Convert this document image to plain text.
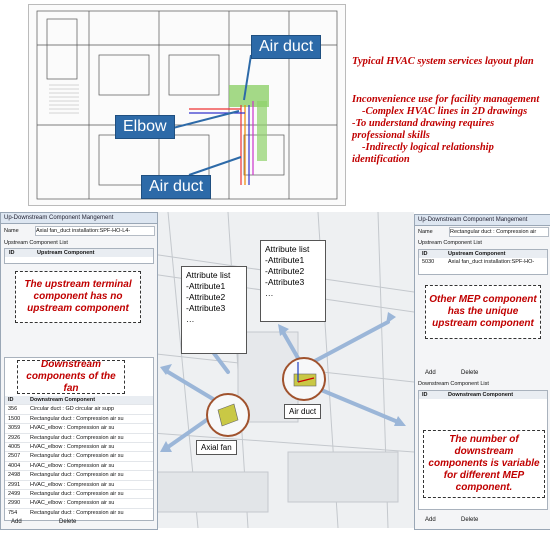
Air duct
Elbow
Air duct
Typical HVAC system services layout plan
Inconvenience use for facility management
-Complex HVAC lines in 2D drawings
-To understand drawing requires
professional skills
-Indirectly logical relationship
identification
Attribute list
-Attribute1
-Attribute2
-Attribute3
…
Attribute list
-Attribute1
-Attribute2
-Attribute3
…
Axial fan
Air duct
Up-Downstream Component Mangement
Name	Axial fan_duct installation:SPF-HO-L4-
Upstream Component List
ID	Upstream Component
The upstream terminal component has no upstream component
Downstream components of the fan
ID	Downstream Component
356	Circular duct : GD circular air supp
1500	Rectangular duct : Compression air su
3059	HVAC_elbow : Compression air su
2926	Rectangular duct : Compression air su
4005	HVAC_elbow : Compression air su
2507	Rectangular duct : Compression air su
4004	HVAC_elbow : Compression air su
2498	Rectangular duct : Compression air su
2991	HVAC_elbow : Compression air su
2499	Rectangular duct : Compression air su
2990	HVAC_elbow : Compression air su
754	Rectangular duct : Compression air su
Add	Delete
Up-Downstream Component Mangement
Name	Rectangular duct : Compression air
Upstream Component List
ID	Upstream Component
5030	Axial fan_duct installation:SPF-HO-
Other MEP component has the unique upstream component
Add	Delete
Downstream Component List
ID	Downstream Component
The number of downstream components is variable for different MEP component.
Add	Delete
